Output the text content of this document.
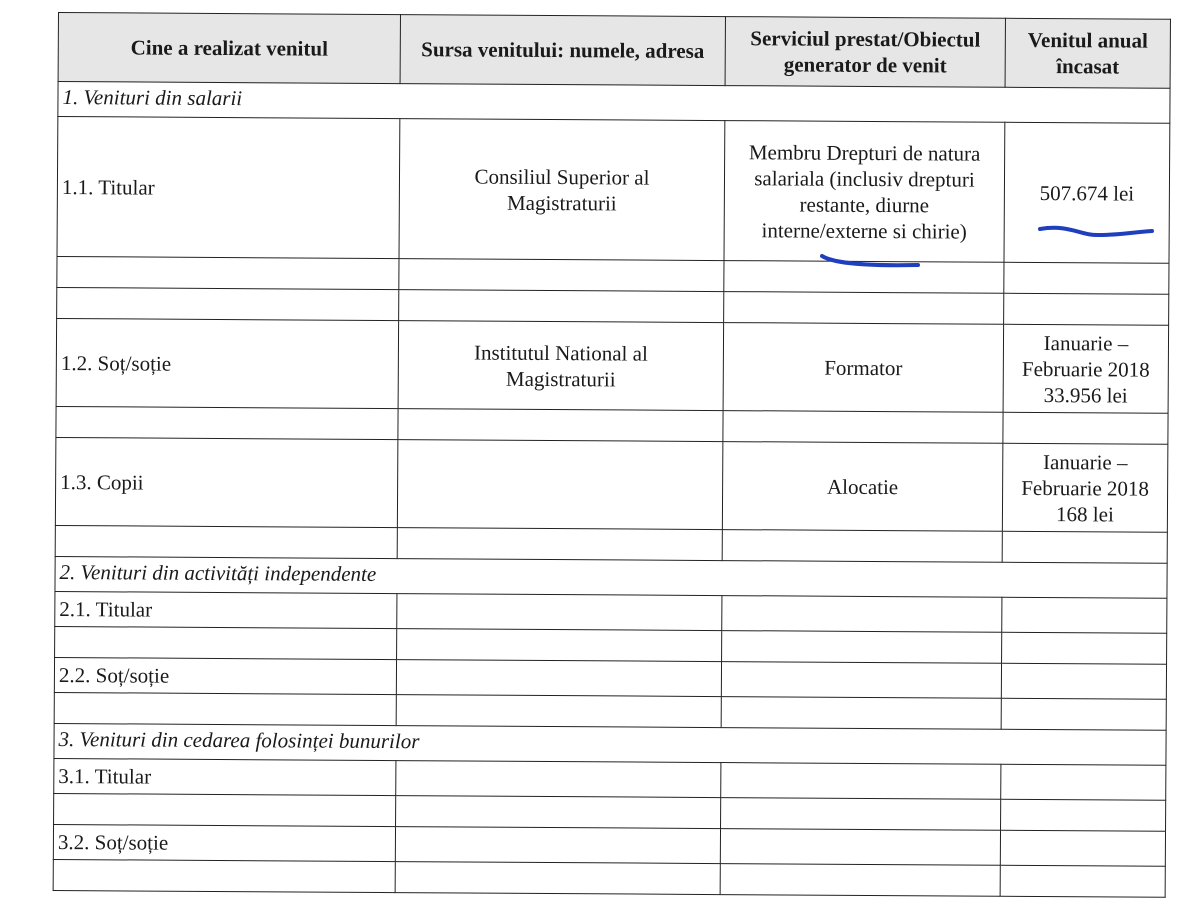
Cine a realizat venitul	Sursa venitului: numele, adresa	Serviciul prestat/Obiectul generator de venit	Venitul anual încasat
1. Venituri din salarii			
1.1. Titular	Consiliul Superior al Magistraturii	Membru Drepturi de natura salariala (inclusiv drepturi restante, diurne interne/externe si chirie)	507.674 lei

1.2. Soț/soție	Institutul National al Magistraturii	Formator	Ianuarie – Februarie 2018 33.956 lei

1.3. Copii		Alocatie	Ianuarie – Februarie 2018 168 lei

2. Venituri din activități independente			
2.1. Titular			

2.2. Soț/soție			

3. Venituri din cedarea folosinței bunurilor			
3.1. Titular			

3.2. Soț/soție			
